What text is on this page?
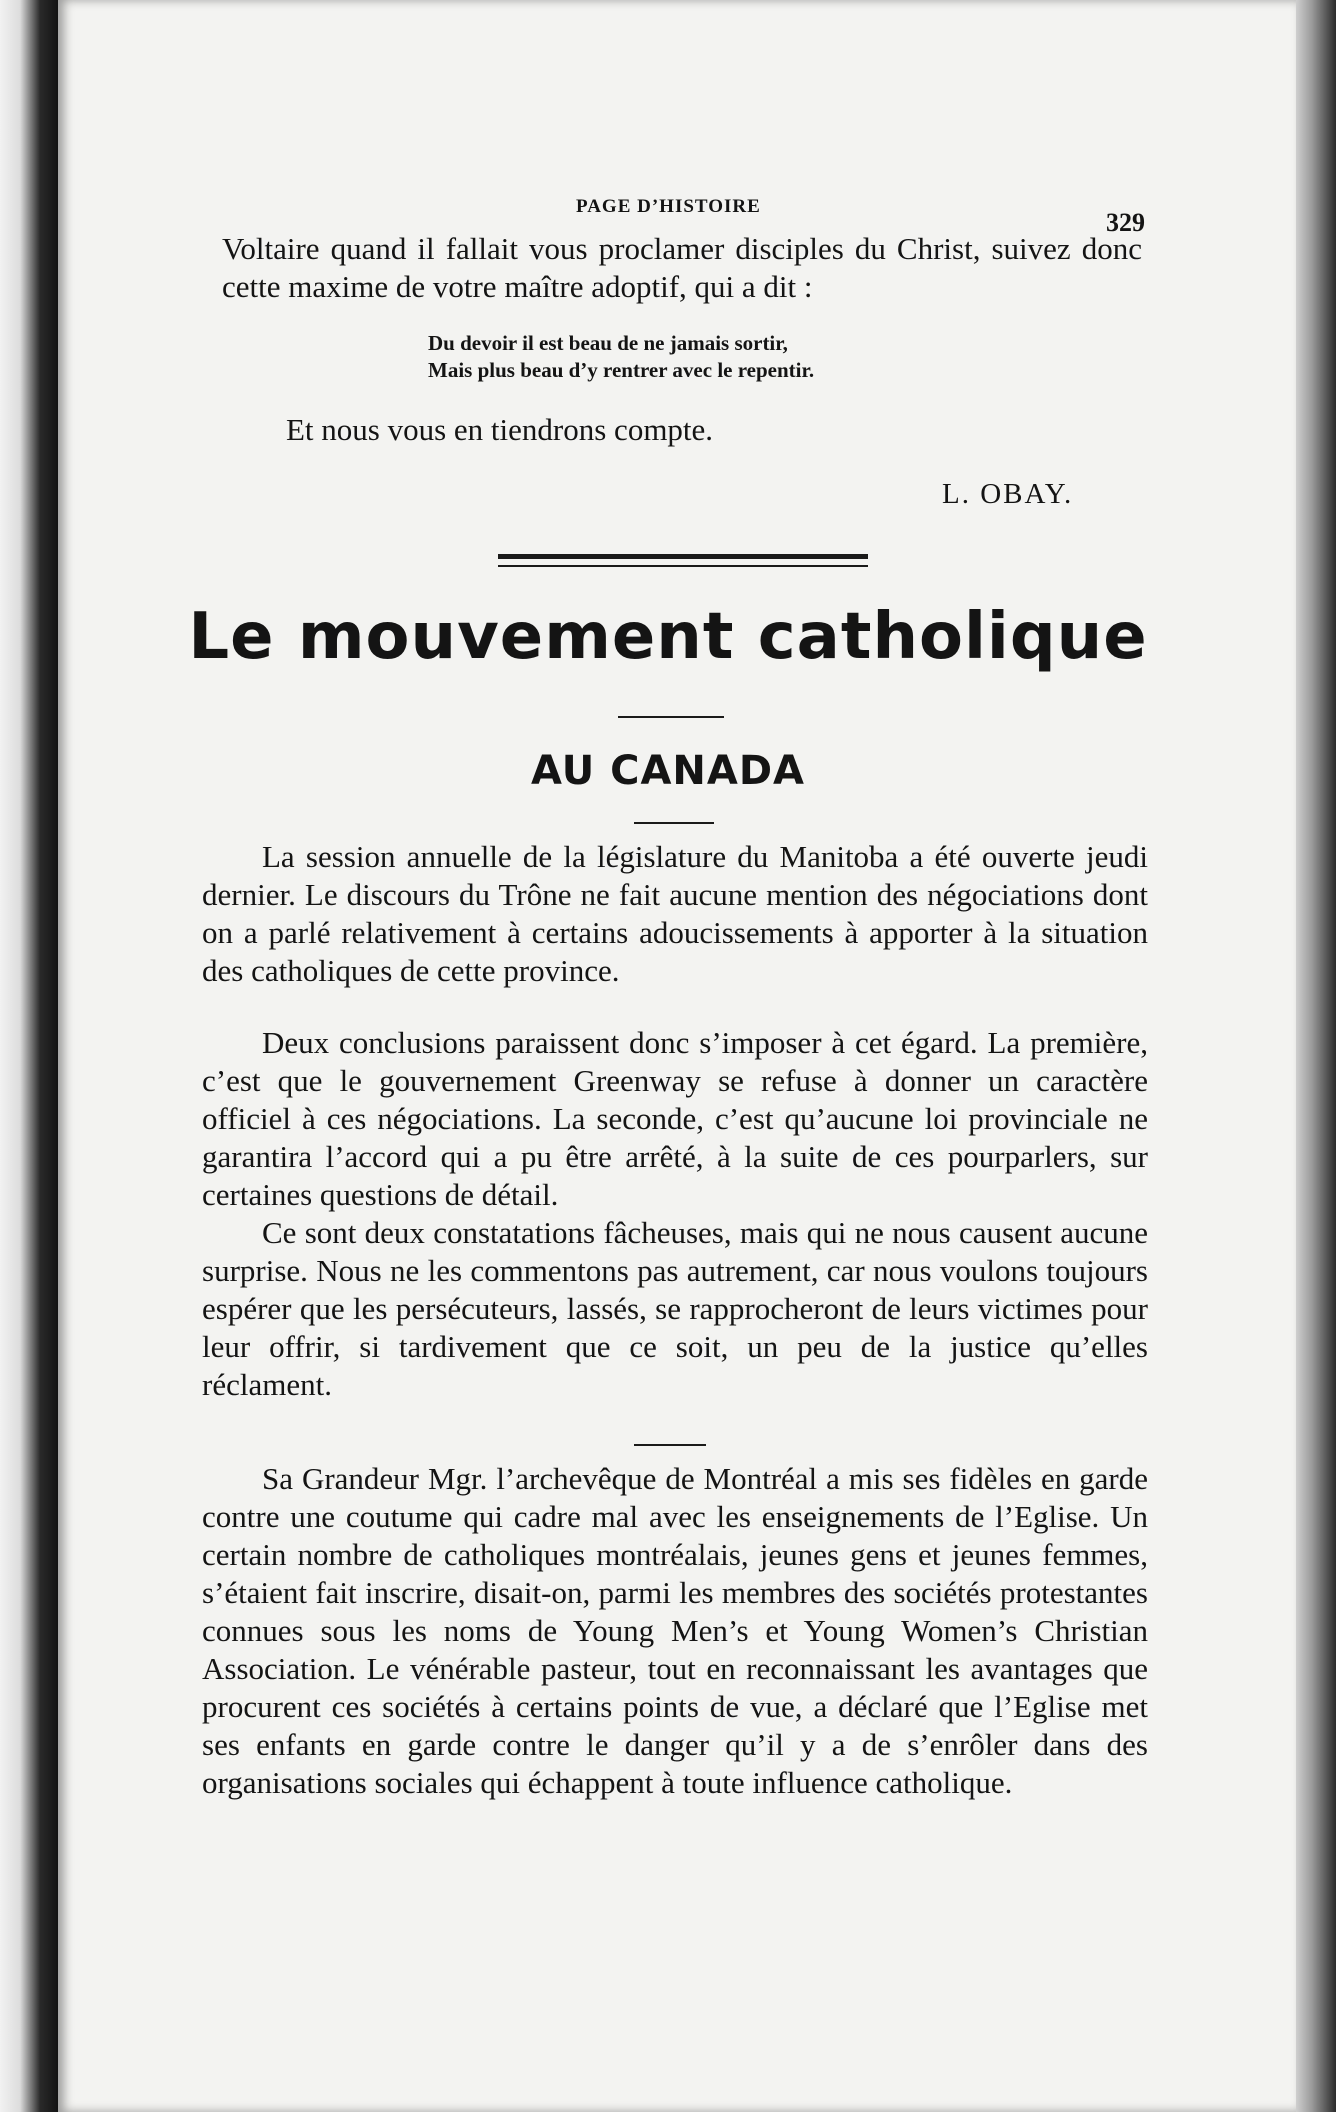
PAGE D’HISTOIRE
329

Voltaire quand il fallait vous proclamer disciples du Christ, suivez donc cette maxime de votre maître adoptif, qui a dit :

Du devoir il est beau de ne jamais sortir,
Mais plus beau d’y rentrer avec le repentir.
Et nous vous en tiendrons compte.
L. OBAY.
Le mouvement catholique
AU CANADA

La session annuelle de la législature du Manitoba a été ouverte jeudi dernier. Le discours du Trône ne fait aucune mention des négociations dont on a parlé relativement à certains adoucissements à apporter à la situation des catholiques de cette province.

Deux conclusions paraissent donc s’imposer à cet égard. La première, c’est que le gouvernement Greenway se refuse à donner un caractère officiel à ces négociations. La seconde, c’est qu’aucune loi provinciale ne garantira l’accord qui a pu être arrêté, à la suite de ces pourparlers, sur certaines questions de détail.

Ce sont deux constatations fâcheuses, mais qui ne nous causent aucune surprise. Nous ne les commentons pas autrement, car nous voulons toujours espérer que les persécuteurs, lassés, se rapprocheront de leurs victimes pour leur offrir, si tardivement que ce soit, un peu de la justice qu’elles réclament.

Sa Grandeur Mgr. l’archevêque de Montréal a mis ses fidèles en garde contre une coutume qui cadre mal avec les enseignements de l’Eglise. Un certain nombre de catholiques montréalais, jeunes gens et jeunes femmes, s’étaient fait inscrire, disait-on, parmi les membres des sociétés protestantes connues sous les noms de Young Men’s et Young Women’s Christian Association. Le vénérable pasteur, tout en reconnaissant les avantages que procurent ces sociétés à certains points de vue, a déclaré que l’Eglise met ses enfants en garde contre le danger qu’il y a de s’enrôler dans des organisations sociales qui échappent à toute influence catholique.
